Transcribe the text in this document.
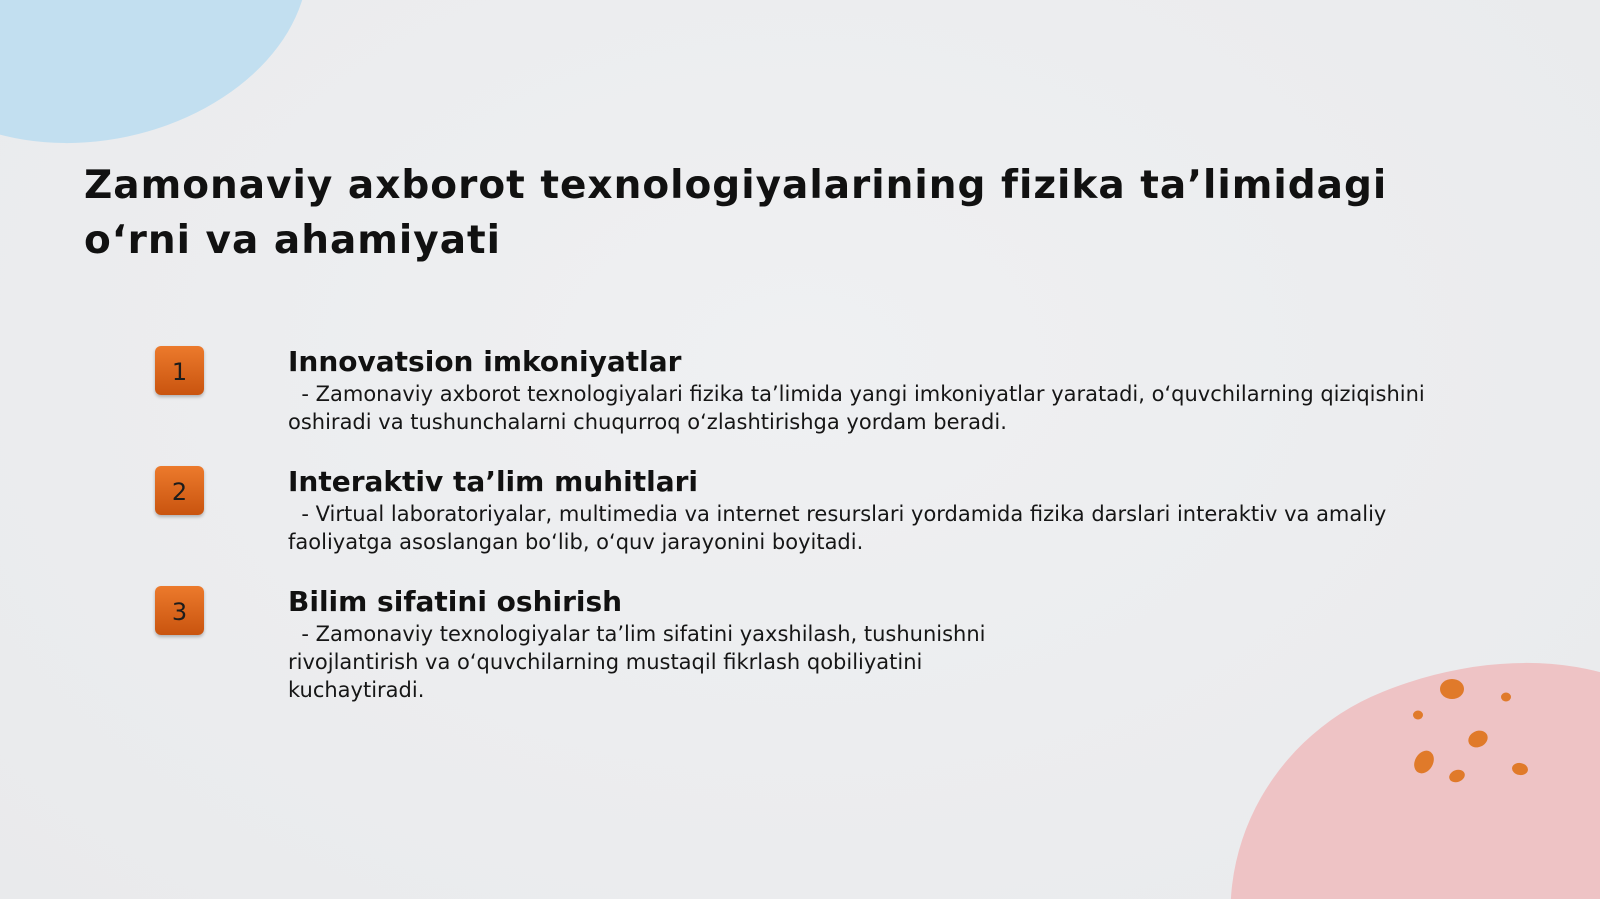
Zamonaviy axborot texnologiyalarining fizika ta’limidagi o‘rni va ahamiyati
1	Innovatsion imkoniyatlar

- Zamonaviy axborot texnologiyalari fizika ta’limida yangi imkoniyatlar yaratadi, o‘quvchilarning qiziqishini oshiradi va tushunchalarni chuqurroq o‘zlashtirishga yordam beradi.

2	Interaktiv ta’lim muhitlari

- Virtual laboratoriyalar, multimedia va internet resurslari yordamida fizika darslari interaktiv va amaliy faoliyatga asoslangan bo‘lib, o‘quv jarayonini boyitadi.

3	Bilim sifatini oshirish

- Zamonaviy texnologiyalar ta’lim sifatini yaxshilash, tushunishni rivojlantirish va o‘quvchilarning mustaqil fikrlash qobiliyatini kuchaytiradi.
